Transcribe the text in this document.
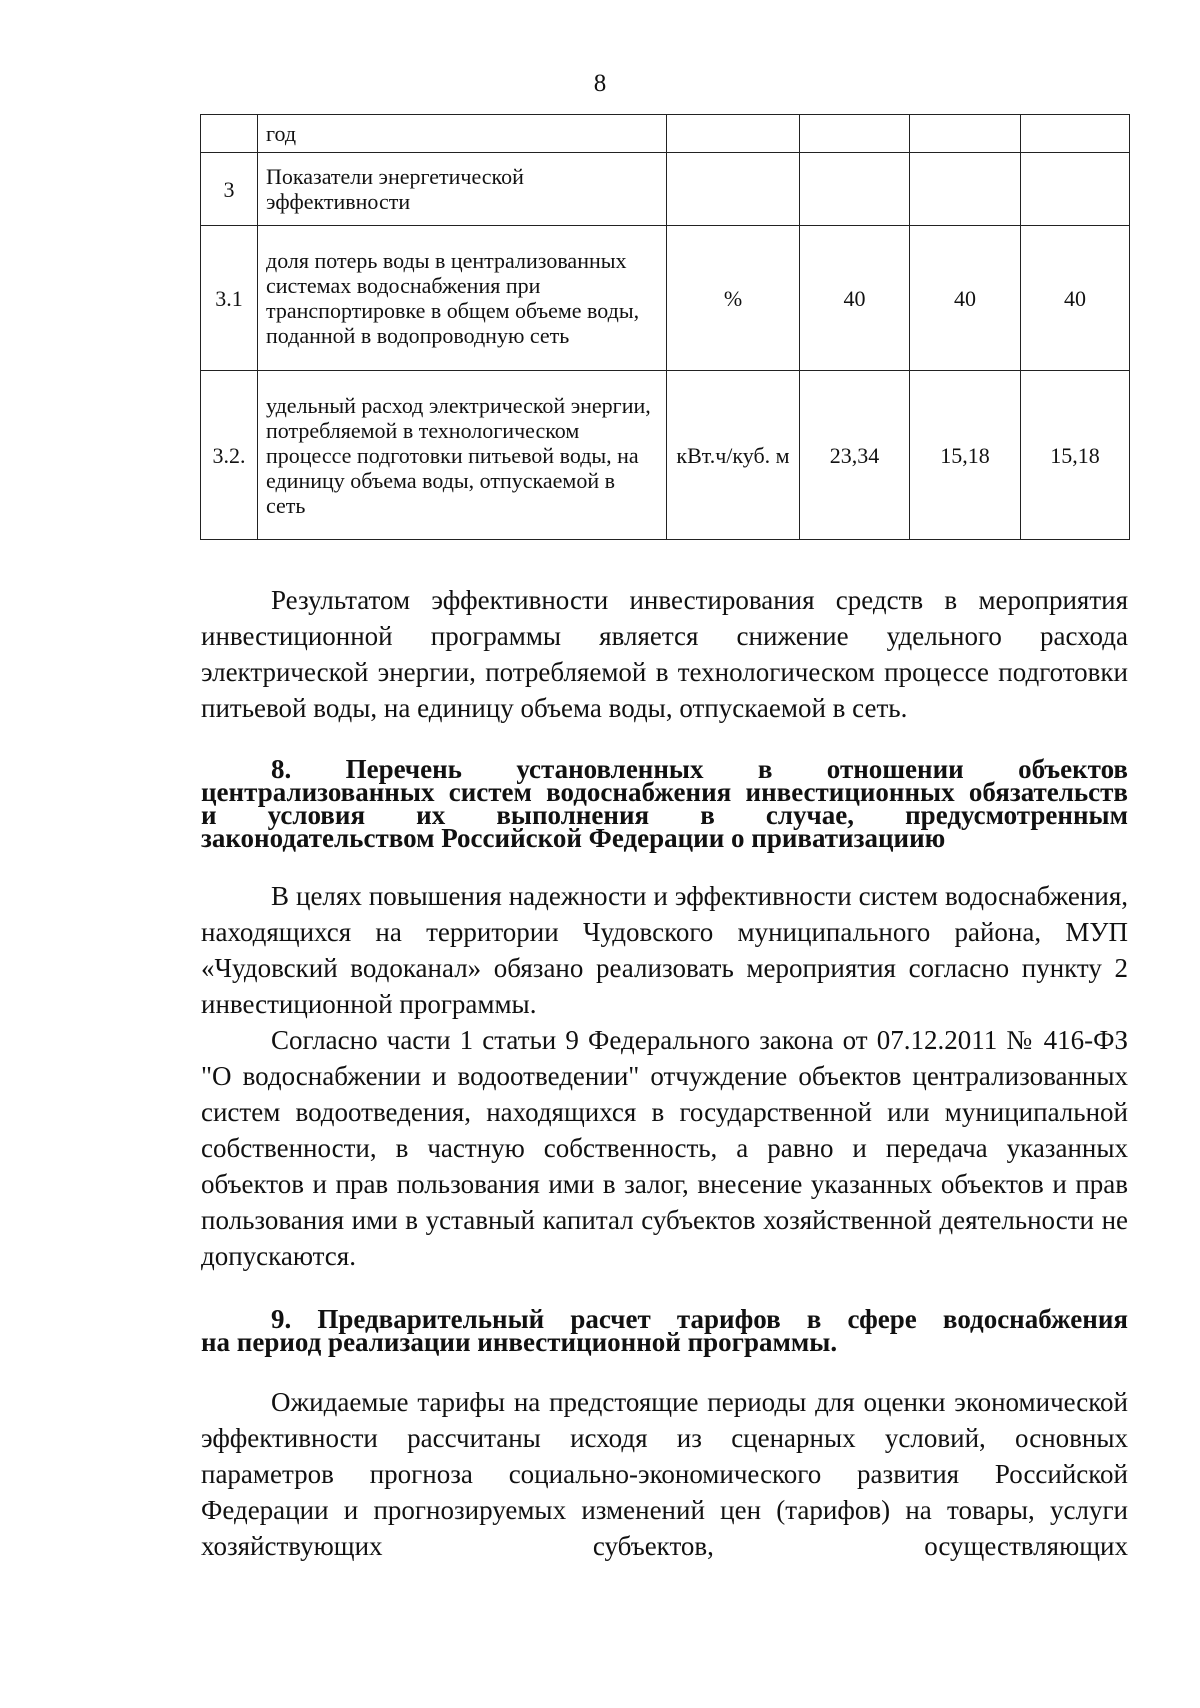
8
	год				
3	Показатели энергетической эффективности				
3.1	доля потерь воды в централизованных системах водоснабжения при транспортировке в общем объеме воды, поданной в водопроводную сеть	%	40	40	40
3.2.	удельный расход электрической энергии, потребляемой в технологическом процессе подготовки питьевой воды, на единицу объема воды, отпускаемой в сеть	кВт.ч/куб. м	23,34	15,18	15,18

Результатом эффективности инвестирования средств в мероприятия инвестиционной программы является снижение удельного расхода электрической энергии, потребляемой в технологическом процессе подготовки питьевой воды, на единицу объема воды, отпускаемой в сеть.

8. Перечень установленных в отношении объектов

централизованных систем водоснабжения инвестиционных обязательств
и условия их выполнения в случае, предусмотренным
законодательством Российской Федерации о приватизациию

В целях повышения надежности и эффективности систем водоснабжения, находящихся на территории Чудовского муниципального района, МУП «Чудовский водоканал» обязано реализовать мероприятия согласно пункту 2 инвестиционной программы.

Согласно части 1 статьи 9 Федерального закона от 07.12.2011 № 416-ФЗ "О водоснабжении и водоотведении" отчуждение объектов централизованных систем водоотведения, находящихся в государственной или муниципальной собственности, в частную собственность, а равно и передача указанных объектов и прав пользования ими в залог, внесение указанных объектов и прав пользования ими в уставный капитал субъектов хозяйственной деятельности не допускаются.

9. Предварительный расчет тарифов в сфере водоснабжения

на период реализации инвестиционной программы.

Ожидаемые тарифы на предстоящие периоды для оценки экономической эффективности рассчитаны исходя из сценарных условий, основных параметров прогноза социально-экономического развития Российской Федерации и прогнозируемых изменений цен (тарифов) на товары, услуги хозяйствующих субъектов, осуществляющих
